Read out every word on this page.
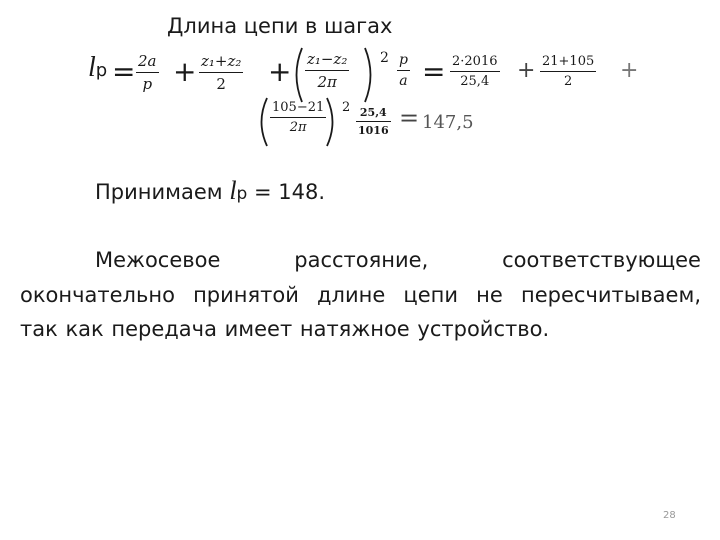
Длина цепи в шагах
lр = 2a
p + z₁+z₂
2 + z₁−z₂
2π
2 p
a = 2·2016
25,4 + 21+105
2 +
105−21
2π
2 25,4
1016 = 147,5
Принимаем lр = 148.
Межосевое	расстояние,	соответствующее
окончательно принятой длине цепи не пересчитываем,
так как передача имеет натяжное устройство.
28
